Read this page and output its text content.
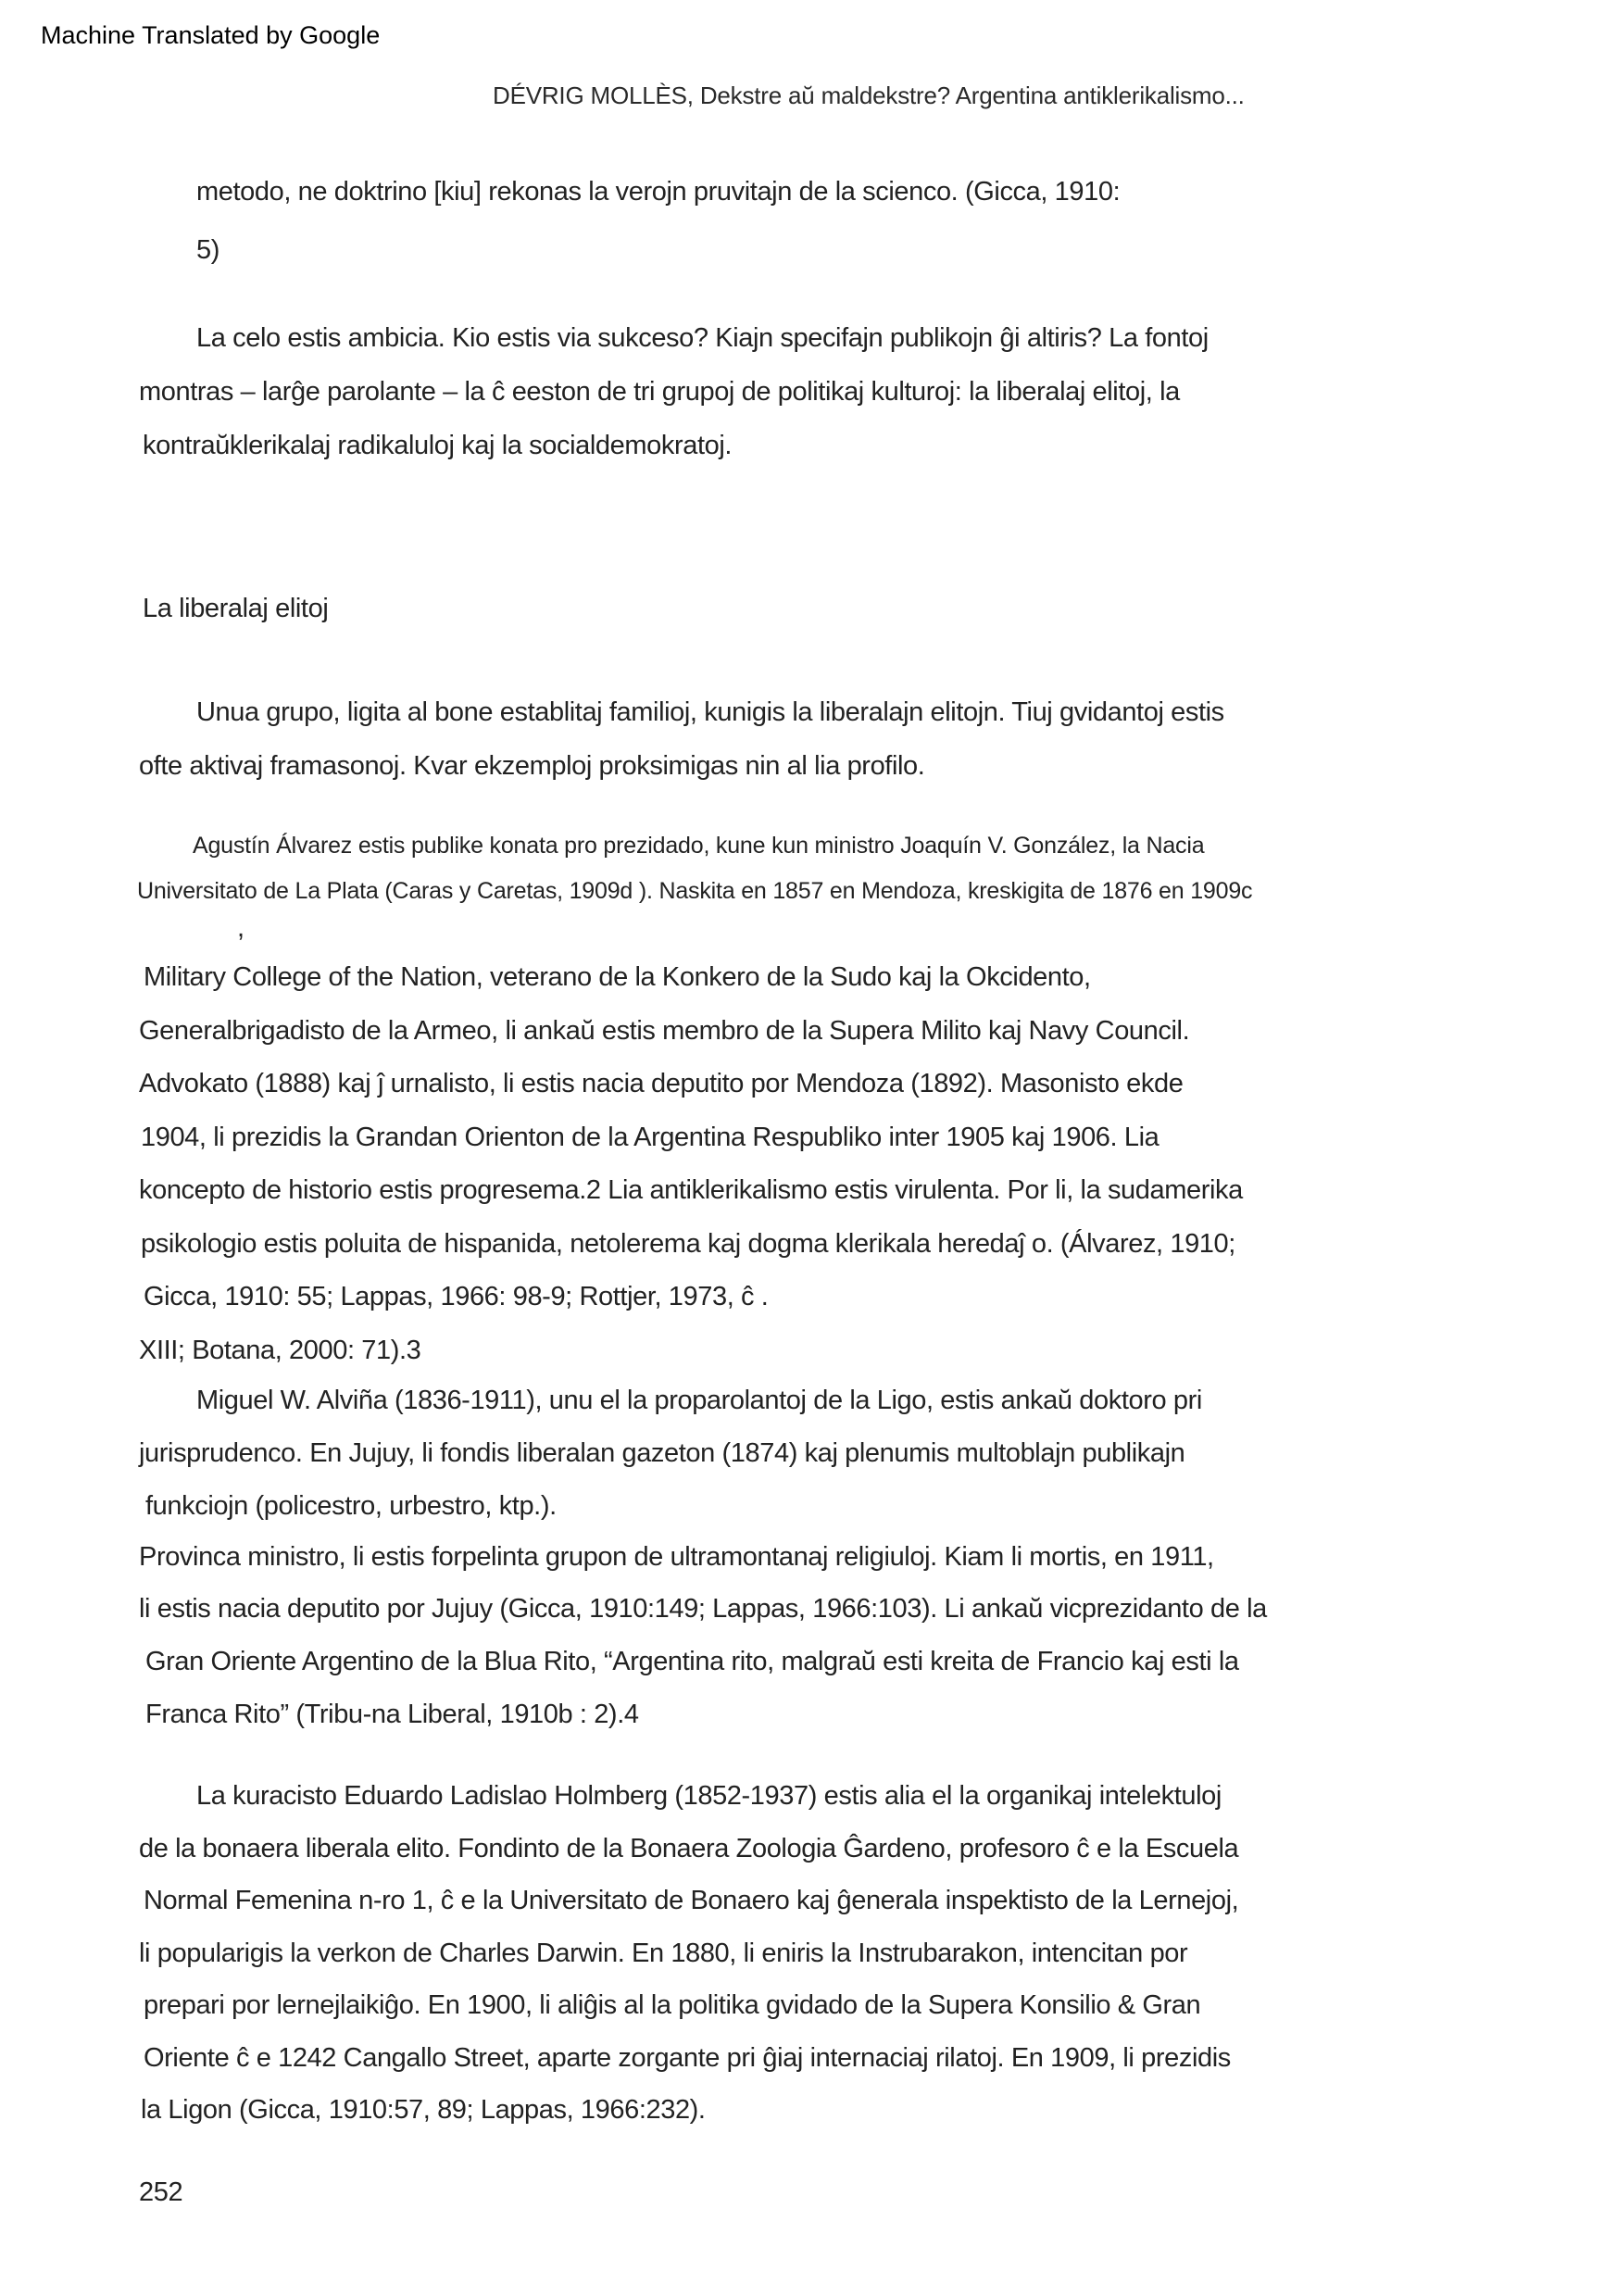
Machine Translated by Google
DÉVRIG MOLLÈS, Dekstre aŭ maldekstre? Argentina antiklerikalismo...
metodo, ne doktrino [kiu] rekonas la verojn pruvitajn de la scienco. (Gicca, 1910:
5)
La celo estis ambicia. Kio estis via sukceso? Kiajn specifajn publikojn ĝi altiris? La fontoj
montras – larĝe parolante – la ĉ eeston de tri grupoj de politikaj kulturoj: la liberalaj elitoj, la
kontraŭklerikalaj radikaluloj kaj la socialdemokratoj.
La liberalaj elitoj
Unua grupo, ligita al bone establitaj familioj, kunigis la liberalajn elitojn. Tiuj gvidantoj estis
ofte aktivaj framasonoj. Kvar ekzemploj proksimigas nin al lia profilo.
Agustín Álvarez estis publike konata pro prezidado, kune kun ministro Joaquín V. González, la Nacia
Universitato de La Plata (Caras y Caretas, 1909d ). Naskita en 1857 en Mendoza, kreskigita de 1876 en 1909c
,
Military College of the Nation, veterano de la Konkero de la Sudo kaj la Okcidento,
Generalbrigadisto de la Armeo, li ankaŭ estis membro de la Supera Milito kaj Navy Council.
Advokato (1888) kaj ĵ urnalisto, li estis nacia deputito por Mendoza (1892). Masonisto ekde
1904, li prezidis la Grandan Orienton de la Argentina Respubliko inter 1905 kaj 1906. Lia
koncepto de historio estis progresema.2 Lia antiklerikalismo estis virulenta. Por li, la sudamerika
psikologio estis poluita de hispanida, netolerema kaj dogma klerikala heredaĵ o. (Álvarez, 1910;
Gicca, 1910: 55; Lappas, 1966: 98-9; Rottjer, 1973, ĉ .
XIII; Botana, 2000: 71).3
Miguel W. Alviña (1836-1911), unu el la proparolantoj de la Ligo, estis ankaŭ doktoro pri
jurisprudenco. En Jujuy, li fondis liberalan gazeton (1874) kaj plenumis multoblajn publikajn
funkciojn (policestro, urbestro, ktp.).
Provinca ministro, li estis forpelinta grupon de ultramontanaj religiuloj. Kiam li mortis, en 1911,
li estis nacia deputito por Jujuy (Gicca, 1910:149; Lappas, 1966:103). Li ankaŭ vicprezidanto de la
Gran Oriente Argentino de la Blua Rito, “Argentina rito, malgraŭ esti kreita de Francio kaj esti la
Franca Rito” (Tribu-na Liberal, 1910b : 2).4
La kuracisto Eduardo Ladislao Holmberg (1852-1937) estis alia el la organikaj intelektuloj
de la bonaera liberala elito. Fondinto de la Bonaera Zoologia Ĝardeno, profesoro ĉ e la Escuela
Normal Femenina n-ro 1, ĉ e la Universitato de Bonaero kaj ĝenerala inspektisto de la Lernejoj,
li popularigis la verkon de Charles Darwin. En 1880, li eniris la Instrubarakon, intencitan por
prepari por lernejlaikiĝo. En 1900, li aliĝis al la politika gvidado de la Supera Konsilio & Gran
Oriente ĉ e 1242 Cangallo Street, aparte zorgante pri ĝiaj internaciaj rilatoj. En 1909, li prezidis
la Ligon (Gicca, 1910:57, 89; Lappas, 1966:232).
252
